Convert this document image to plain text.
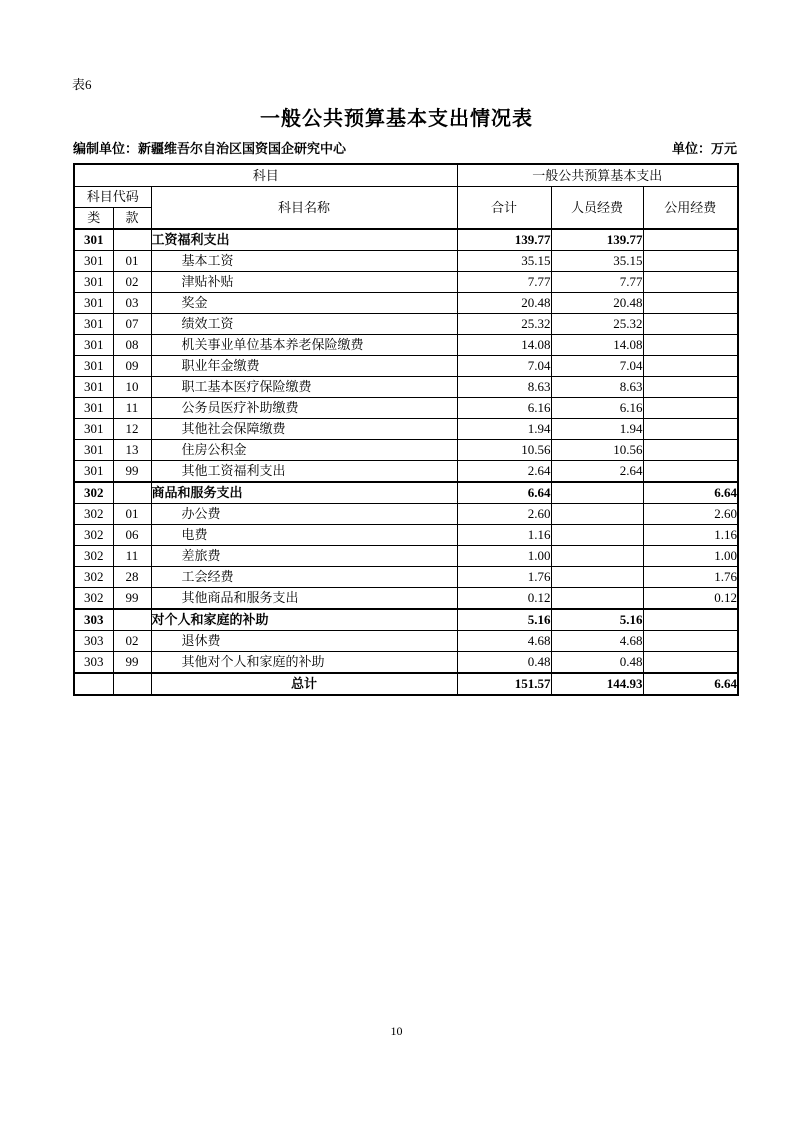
表6
一般公共预算基本支出情况表
编制单位：新疆维吾尔自治区国资国企研究中心	单位：万元
科目			一般公共预算基本支出		
科目代码		科目名称	合计	人员经费	公用经费
类	款				
301		工资福利支出	139.77	139.77	
301	01	基本工资	35.15	35.15	
301	02	津贴补贴	7.77	7.77	
301	03	奖金	20.48	20.48	
301	07	绩效工资	25.32	25.32	
301	08	机关事业单位基本养老保险缴费	14.08	14.08	
301	09	职业年金缴费	7.04	7.04	
301	10	职工基本医疗保险缴费	8.63	8.63	
301	11	公务员医疗补助缴费	6.16	6.16	
301	12	其他社会保障缴费	1.94	1.94	
301	13	住房公积金	10.56	10.56	
301	99	其他工资福利支出	2.64	2.64	
302		商品和服务支出	6.64		6.64
302	01	办公费	2.60		2.60
302	06	电费	1.16		1.16
302	11	差旅费	1.00		1.00
302	28	工会经费	1.76		1.76
302	99	其他商品和服务支出	0.12		0.12
303		对个人和家庭的补助	5.16	5.16	
303	02	退休费	4.68	4.68	
303	99	其他对个人和家庭的补助	0.48	0.48	
		总计	151.57	144.93	6.64
10
